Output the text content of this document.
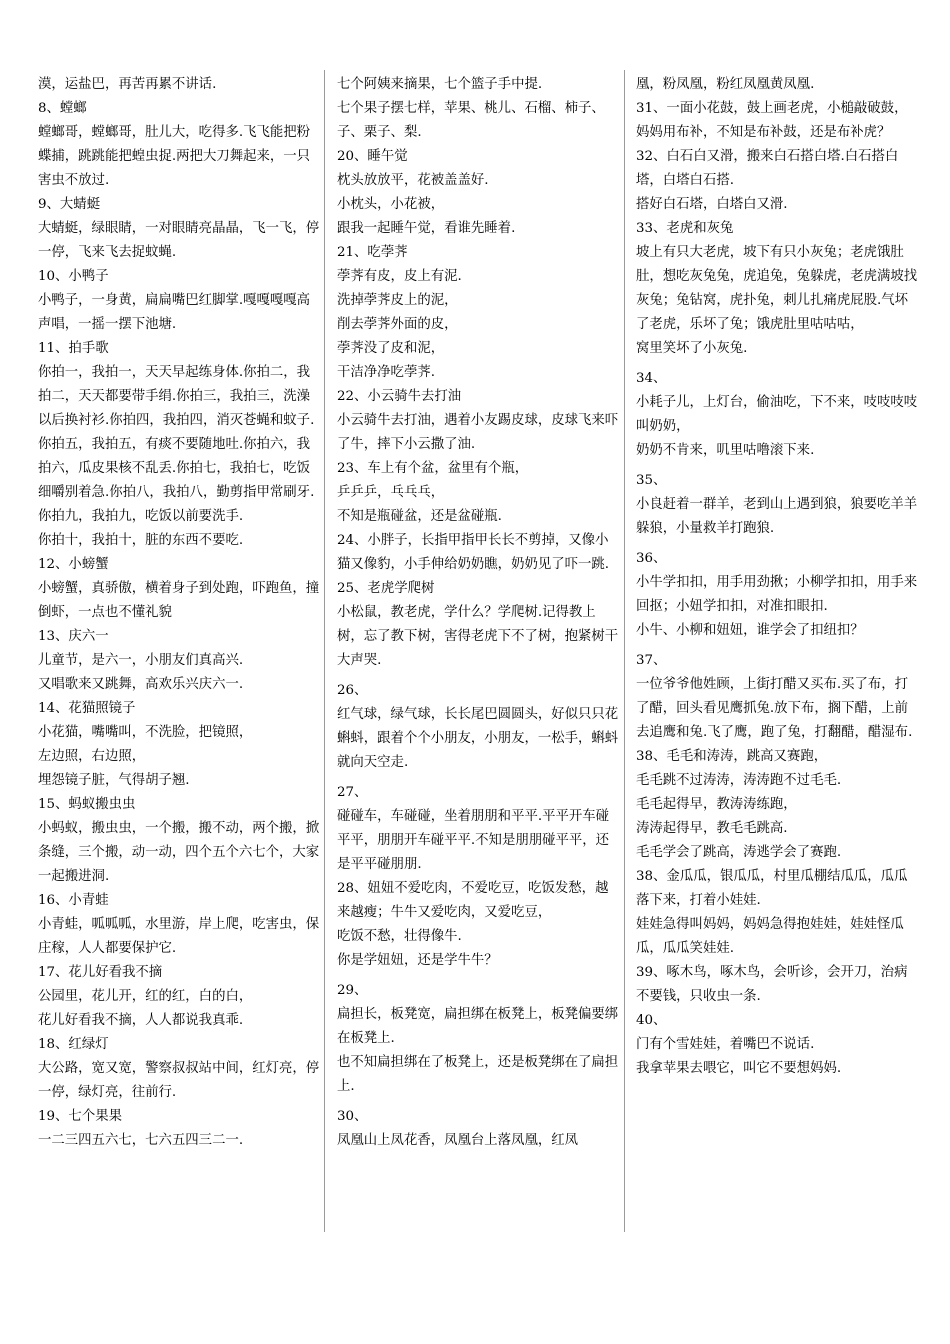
漠，运盐巴，再苦再累不讲话.
8、螳螂
螳螂哥，螳螂哥，肚儿大，吃得多.飞飞能把粉蝶捕，跳跳能把蝗虫捉.两把大刀舞起来，一只害虫不放过.
9、大蜻蜓
大蜻蜓，绿眼睛，一对眼睛亮晶晶，飞一飞，停一停，飞来飞去捉蚊蝇.
10、小鸭子
小鸭子，一身黄，扁扁嘴巴红脚掌.嘎嘎嘎嘎高声唱，一摇一摆下池塘.
11、拍手歌
你拍一，我拍一，天天早起练身体.你拍二，我拍二，天天都要带手绢.你拍三，我拍三，洗澡以后换衬衫.你拍四，我拍四，消灭苍蝇和蚊子.你拍五，我拍五，有痰不要随地吐.你拍六，我拍六，瓜皮果核不乱丢.你拍七，我拍七，吃饭细嚼别着急.你拍八，我拍八，勤剪指甲常刷牙.你拍九，我拍九，吃饭以前要洗手.
你拍十，我拍十，脏的东西不要吃.
12、小螃蟹
小螃蟹，真骄傲，横着身子到处跑，吓跑鱼，撞倒虾，一点也不懂礼貌
13、庆六一
儿童节，是六一，小朋友们真高兴.
又唱歌来又跳舞，高欢乐兴庆六一.
14、花猫照镜子
小花猫，嘴嘴叫，不洗脸，把镜照，
左边照，右边照，
埋怨镜子脏，气得胡子翘.
15、蚂蚁搬虫虫
小蚂蚁，搬虫虫，一个搬，搬不动，两个搬，掀条缝，三个搬，动一动，四个五个六七个，大家一起搬进洞.
16、小青蛙
小青蛙，呱呱呱，水里游，岸上爬，吃害虫，保庄稼，人人都要保护它.
17、花儿好看我不摘
公园里，花儿开，红的红，白的白，
花儿好看我不摘，人人都说我真乖.
18、红绿灯
大公路，宽又宽，警察叔叔站中间，红灯亮，停一停，绿灯亮，往前行.
19、七个果果
一二三四五六七，七六五四三二一.
七个阿姨来摘果，七个篮子手中提.
七个果子摆七样，苹果、桃儿、石榴、柿子、子、栗子、梨.
20、睡午觉
枕头放放平，花被盖盖好.
小枕头，小花被，
跟我一起睡午觉，看谁先睡着.
21、吃荸荠
荸荠有皮，皮上有泥.
洗掉荸荠皮上的泥，
削去荸荠外面的皮，
荸荠没了皮和泥，
干洁净净吃荸荠.
22、小云骑牛去打油
小云骑牛去打油，遇着小友踢皮球，皮球飞来吓了牛，摔下小云撒了油.
23、车上有个盆，盆里有个瓶，
乒乒乒，乓乓乓，
不知是瓶碰盆，还是盆碰瓶.
24、小胖子，长指甲指甲长长不剪掉，又像小猫又像豹，小手伸给奶奶瞧，奶奶见了吓一跳.
25、老虎学爬树
小松鼠，教老虎，学什么？学爬树.记得教上树，忘了教下树，害得老虎下不了树，抱紧树干大声哭.
26、
红气球，绿气球，长长尾巴圆圆头，好似只只花蝌蚪，跟着个个小朋友，小朋友，一松手，蝌蚪就向天空走.
27、
碰碰车，车碰碰，坐着朋朋和平平.平平开车碰平平，朋朋开车碰平平.不知是朋朋碰平平，还是平平碰朋朋.
28、妞妞不爱吃肉，不爱吃豆，吃饭发愁，越来越瘦；牛牛又爱吃肉，又爱吃豆，
吃饭不愁，壮得像牛.
你是学妞妞，还是学牛牛？
29、
扁担长，板凳宽，扁担绑在板凳上，板凳偏要绑在板凳上.
也不知扁担绑在了板凳上，还是板凳绑在了扁担上.
30、
凤凰山上凤花香，凤凰台上落凤凰，红凤
凰，粉凤凰，粉红凤凰黄凤凰.
31、一面小花鼓，鼓上画老虎，小槌敲破鼓，妈妈用布补，不知是布补鼓，还是布补虎？
32、白石白又滑，搬来白石搭白塔.白石搭白塔，白塔白石搭.
搭好白石塔，白塔白又滑.
33、老虎和灰兔
坡上有只大老虎，坡下有只小灰兔；老虎饿肚肚，想吃灰兔兔，虎追兔，兔躲虎，老虎满坡找灰兔；兔钻窝，虎扑兔，刺儿扎痛虎屁股.气坏了老虎，乐坏了兔；饿虎肚里咕咕咕，
窝里笑坏了小灰兔.
34、
小耗子儿，上灯台，偷油吃，下不来，吱吱吱吱叫奶奶，
奶奶不肯来，叽里咕噜滚下来.
35、
小良赶着一群羊，老到山上遇到狼，狼要吃羊羊躲狼，小量救羊打跑狼.
36、
小牛学扣扣，用手用劲揪；小柳学扣扣，用手来回抠；小妞学扣扣，对准扣眼扣.
小牛、小柳和妞妞，谁学会了扣纽扣？
37、
一位爷爷他姓顾，上街打醋又买布.买了布，打了醋，回头看见鹰抓兔.放下布，搁下醋，上前去追鹰和兔.飞了鹰，跑了兔，打翻醋，醋湿布.
38、毛毛和涛涛，跳高又赛跑，
毛毛跳不过涛涛，涛涛跑不过毛毛.
毛毛起得早，教涛涛练跑，
涛涛起得早，教毛毛跳高.
毛毛学会了跳高，涛逃学会了赛跑.
38、金瓜瓜，银瓜瓜，村里瓜棚结瓜瓜，瓜瓜落下来，打着小娃娃.
娃娃急得叫妈妈，妈妈急得抱娃娃，娃娃怪瓜瓜，瓜瓜笑娃娃.
39、啄木鸟，啄木鸟，会听诊，会开刀，治病不要钱，只收虫一条.
40、
门有个雪娃娃，着嘴巴不说话.
我拿苹果去喂它，叫它不要想妈妈.
